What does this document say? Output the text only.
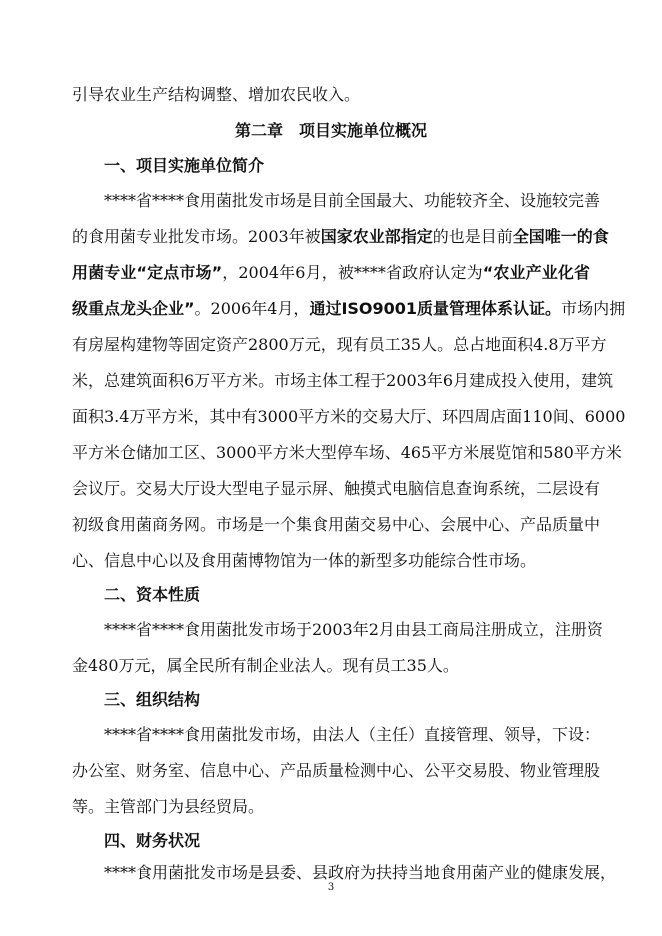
引导农业生产结构调整、增加农民收入。
第二章　项目实施单位概况
一、项目实施单位简介
****省****食用菌批发市场是目前全国最大、功能较齐全、设施较完善
的食用菌专业批发市场。2003年被国家农业部指定的也是目前全国唯一的食
用菌专业“定点市场”，2004年6月，被****省政府认定为“农业产业化省
级重点龙头企业”。2006年4月，通过ISO9001质量管理体系认证。市场内拥
有房屋构建物等固定资产2800万元，现有员工35人。总占地面积4.8万平方
米，总建筑面积6万平方米。市场主体工程于2003年6月建成投入使用，建筑
面积3.4万平方米，其中有3000平方米的交易大厅、环四周店面110间、6000
平方米仓储加工区、3000平方米大型停车场、465平方米展览馆和580平方米
会议厅。交易大厅设大型电子显示屏、触摸式电脑信息查询系统，二层设有
初级食用菌商务网。市场是一个集食用菌交易中心、会展中心、产品质量中
心、信息中心以及食用菌博物馆为一体的新型多功能综合性市场。
二、资本性质
****省****食用菌批发市场于2003年2月由县工商局注册成立，注册资
金480万元，属全民所有制企业法人。现有员工35人。
三、组织结构
****省****食用菌批发市场，由法人（主任）直接管理、领导，下设：
办公室、财务室、信息中心、产品质量检测中心、公平交易股、物业管理股
等。主管部门为县经贸局。
四、财务状况
****食用菌批发市场是县委、县政府为扶持当地食用菌产业的健康发展，
3
